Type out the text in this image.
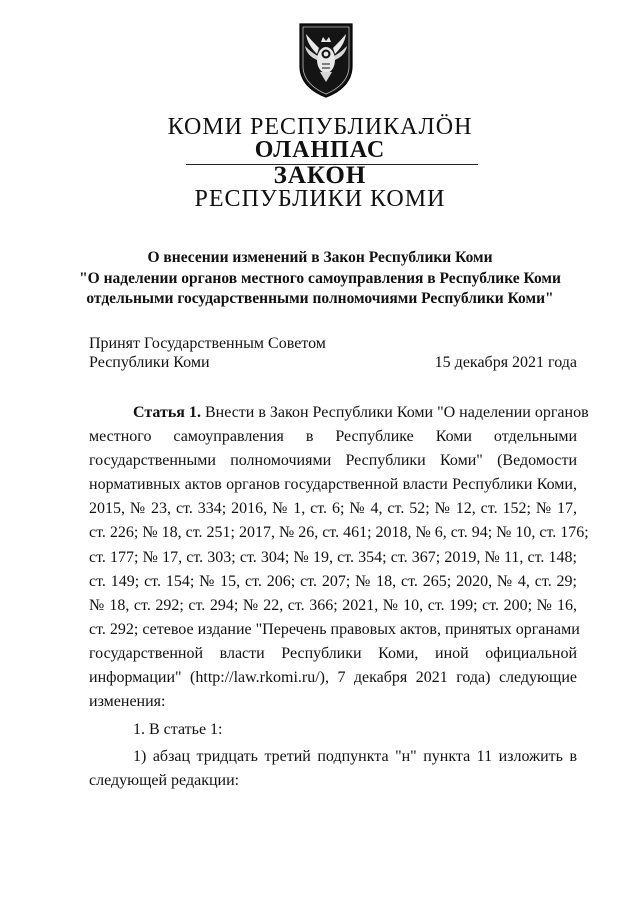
КОМИ РЕСПУБЛИКАЛÖН
ОЛАНПАС
ЗАКОН
РЕСПУБЛИКИ КОМИ
О внесении изменений в Закон Республики Коми
"О наделении органов местного самоуправления в Республике Коми
отдельными государственными полномочиями Республики Коми"
Принят Государственным Советом
Республики Коми	15 декабря 2021 года
Статья 1. Внести в Закон Республики Коми "О наделении органов
местного самоуправления в Республике Коми отдельными
государственными полномочиями Республики Коми" (Ведомости
нормативных актов органов государственной власти Республики Коми,
2015, № 23, ст. 334; 2016, № 1, ст. 6; № 4, ст. 52; № 12, ст. 152; № 17,
ст. 226; № 18, ст. 251; 2017, № 26, ст. 461; 2018, № 6, ст. 94; № 10, ст. 176;
ст. 177; № 17, ст. 303; ст. 304; № 19, ст. 354; ст. 367; 2019, № 11, ст. 148;
ст. 149; ст. 154; № 15, ст. 206; ст. 207; № 18, ст. 265; 2020, № 4, ст. 29;
№ 18, ст. 292; ст. 294; № 22, ст. 366; 2021, № 10, ст. 199; ст. 200; № 16,
ст. 292; сетевое издание "Перечень правовых актов, принятых органами
государственной власти Республики Коми, иной официальной
информации" (http://law.rkomi.ru/), 7 декабря 2021 года) следующие
изменения:
1. В статье 1:
1) абзац тридцать третий подпункта "н" пункта 11 изложить в
следующей редакции:
